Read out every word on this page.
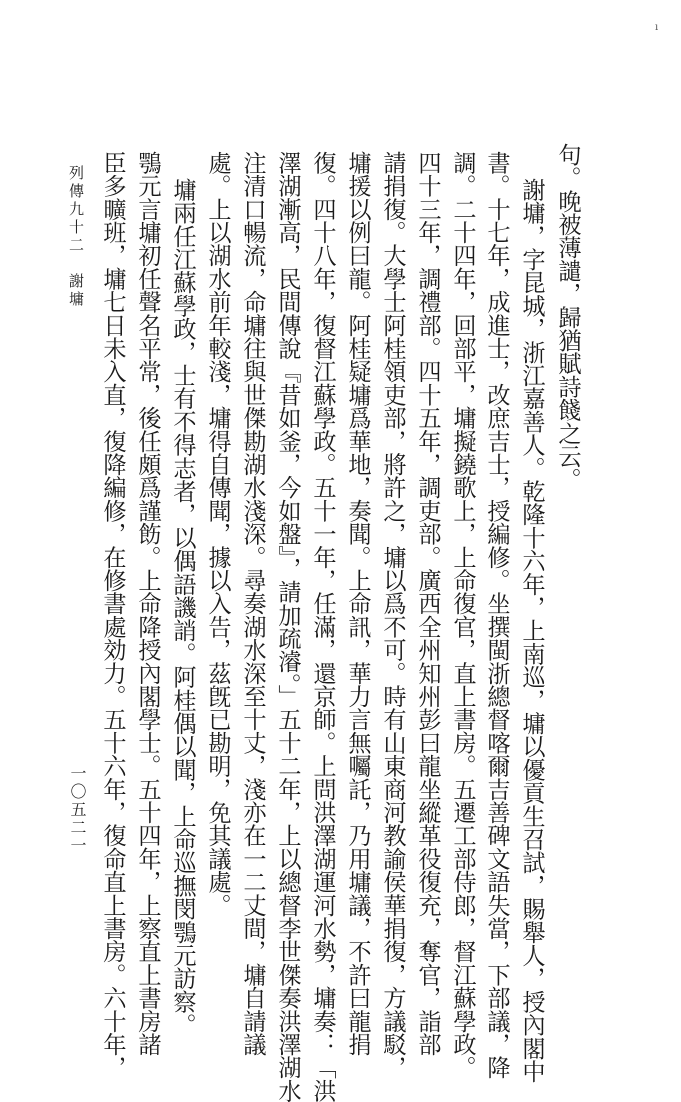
ı
句。晚被薄譴，歸猶賦詩餞之云。
謝墉，字昆城，浙江嘉善人。乾隆十六年，上南巡，墉以優貢生召試，賜舉人，授內閣中
書。十七年，成進士，改庶吉士，授編修。坐撰閩浙總督喀爾吉善碑文語失當，下部議，降
調。二十四年，回部平，墉擬鐃歌上，上命復官，直上書房。五遷工部侍郎，督江蘇學政。
四十三年，調禮部。四十五年，調吏部。廣西全州知州彭曰龍坐縱革役復充，奪官，詣部
請捐復。大學士阿桂領吏部，將許之，墉以爲不可。時有山東商河教諭侯華捐復，方議駁，
墉援以例曰龍。阿桂疑墉爲華地，奏聞。上命訊，華力言無囑託，乃用墉議，不許曰龍捐
復。四十八年，復督江蘇學政。五十一年，任滿，還京師。上問洪澤湖運河水勢，墉奏：「洪
澤湖漸高，民間傳說『昔如釜，今如盤』，請加疏濬。」五十二年，上以總督李世傑奏洪澤湖水
注清口暢流，命墉往與世傑勘湖水淺深。尋奏湖水深至十丈，淺亦在一二丈間，墉自請議
處。上以湖水前年較淺，墉得自傳聞，據以入告，茲旣已勘明，免其議處。
墉兩任江蘇學政，士有不得志者，以偶語譏誚。阿桂偶以聞，上命巡撫閔鶚元訪察。
鶚元言墉初任聲名平常，後任頗爲謹飭。上命降授內閣學士。五十四年，上察直上書房諸
臣多曠班，墉七日未入直，復降編修，在修書處効力。五十六年，復命直上書房。六十年，
列傳九十二　謝墉
一〇五二一
